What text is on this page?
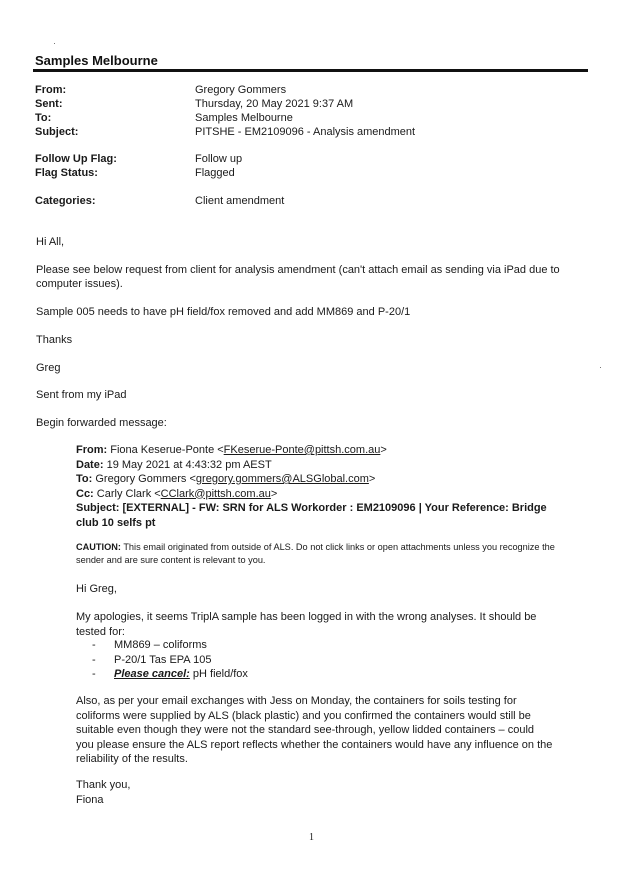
Samples Melbourne
From:	Gregory Gommers
Sent:	Thursday, 20 May 2021 9:37 AM
To:	Samples Melbourne
Subject:	PITSHE - EM2109096 - Analysis amendment
Follow Up Flag:	Follow up
Flag Status:	Flagged
Categories:	Client amendment
Hi All,
Please see below request from client for analysis amendment (can't attach email as sending via iPad due to computer issues).
Sample 005 needs to have pH field/fox removed and add MM869 and P-20/1
Thanks
Greg
Sent from my iPad
Begin forwarded message:
From: Fiona Keserue-Ponte <FKeserue-Ponte@pittsh.com.au>
Date: 19 May 2021 at 4:43:32 pm AEST
To: Gregory Gommers <gregory.gommers@ALSGlobal.com>
Cc: Carly Clark <CClark@pittsh.com.au>
Subject: [EXTERNAL] - FW: SRN for ALS Workorder : EM2109096 | Your Reference: Bridge club 10 selfs pt
CAUTION: This email originated from outside of ALS. Do not click links or open attachments unless you recognize the sender and are sure content is relevant to you.
Hi Greg,
My apologies, it seems TriplA sample has been logged in with the wrong analyses. It should be tested for:
- MM869 – coliforms
- P-20/1 Tas EPA 105
- Please cancel: pH field/fox
Also, as per your email exchanges with Jess on Monday, the containers for soils testing for coliforms were supplied by ALS (black plastic) and you confirmed the containers would still be suitable even though they were not the standard see-through, yellow lidded containers – could you please ensure the ALS report reflects whether the containers would have any influence on the reliability of the results.
Thank you,
Fiona
1
